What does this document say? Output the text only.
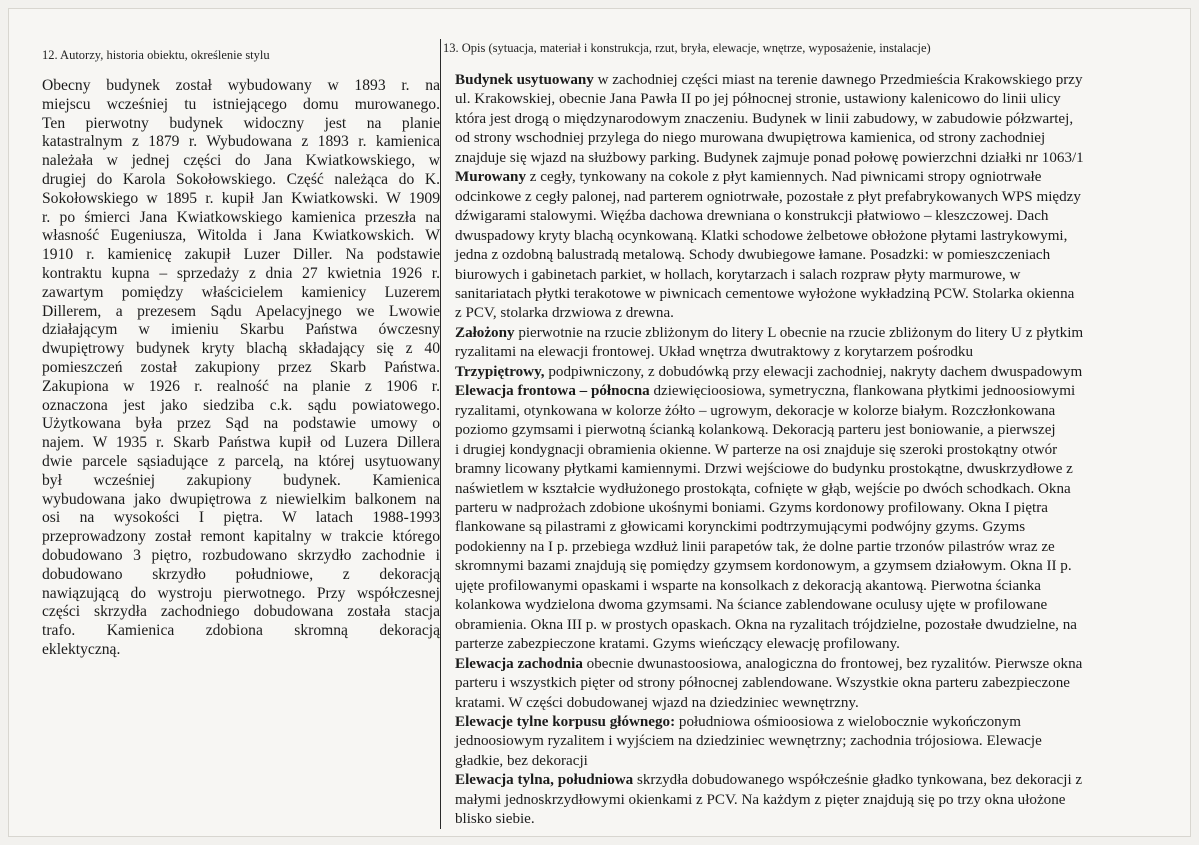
12. Autorzy, historia obiektu, określenie stylu

Obecny budynek został wybudowany w 1893 r. na
miejscu wcześniej tu istniejącego domu murowanego.
Ten pierwotny budynek widoczny jest na planie
katastralnym z 1879 r. Wybudowana z 1893 r. kamienica
należała w jednej części do Jana Kwiatkowskiego, w
drugiej do Karola Sokołowskiego. Część należąca do K.
Sokołowskiego w 1895 r. kupił Jan Kwiatkowski. W 1909
r. po śmierci Jana Kwiatkowskiego kamienica przeszła na
własność Eugeniusza, Witolda i Jana Kwiatkowskich. W
1910 r. kamienicę zakupił Luzer Diller. Na podstawie
kontraktu kupna – sprzedaży z dnia 27 kwietnia 1926 r.
zawartym pomiędzy właścicielem kamienicy Luzerem
Dillerem, a prezesem Sądu Apelacyjnego we Lwowie
działającym w imieniu Skarbu Państwa ówczesny
dwupiętrowy budynek kryty blachą składający się z 40
pomieszczeń został zakupiony przez Skarb Państwa.
Zakupiona w 1926 r. realność na planie z 1906 r.
oznaczona jest jako siedziba c.k. sądu powiatowego.
Użytkowana była przez Sąd na podstawie umowy o
najem. W 1935 r. Skarb Państwa kupił od Luzera Dillera
dwie parcele sąsiadujące z parcelą, na której usytuowany
był wcześniej zakupiony budynek. Kamienica
wybudowana jako dwupiętrowa z niewielkim balkonem na
osi na wysokości I piętra. W latach 1988-1993
przeprowadzony został remont kapitalny w trakcie którego
dobudowano 3 piętro, rozbudowano skrzydło zachodnie i
dobudowano skrzydło południowe, z dekoracją
nawiązującą do wystroju pierwotnego. Przy współczesnej
części skrzydła zachodniego dobudowana została stacja
trafo. Kamienica zdobiona skromną dekoracją
eklektyczną.

13. Opis (sytuacja, materiał i konstrukcja, rzut, bryła, elewacje, wnętrze, wyposażenie, instalacje)

Budynek usytuowany w zachodniej części miast na terenie dawnego Przedmieścia Krakowskiego przy
ul. Krakowskiej, obecnie Jana Pawła II po jej północnej stronie, ustawiony kalenicowo do linii ulicy
która jest drogą o międzynarodowym znaczeniu. Budynek w linii zabudowy, w zabudowie półzwartej,
od strony wschodniej przylega do niego murowana dwupiętrowa kamienica, od strony zachodniej
znajduje się wjazd na służbowy parking. Budynek zajmuje ponad połowę powierzchni działki nr 1063/1
Murowany z cegły, tynkowany na cokole z płyt kamiennych. Nad piwnicami stropy ogniotrwałe
odcinkowe z cegły palonej, nad parterem ogniotrwałe, pozostałe z płyt prefabrykowanych WPS między
dźwigarami stalowymi. Więźba dachowa drewniana o konstrukcji płatwiowo – kleszczowej. Dach
dwuspadowy kryty blachą ocynkowaną. Klatki schodowe żelbetowe obłożone płytami lastrykowymi,
jedna z ozdobną balustradą metalową. Schody dwubiegowe łamane. Posadzki: w pomieszczeniach
biurowych i gabinetach parkiet, w hollach, korytarzach i salach rozpraw płyty marmurowe, w
sanitariatach płytki terakotowe w piwnicach cementowe wyłożone wykładziną PCW. Stolarka okienna
z PCV, stolarka drzwiowa z drewna.
Założony pierwotnie na rzucie zbliżonym do litery L obecnie na rzucie zbliżonym do litery U z płytkim
ryzalitami na elewacji frontowej. Układ wnętrza dwutraktowy z korytarzem pośrodku
Trzypiętrowy, podpiwniczony, z dobudówką przy elewacji zachodniej, nakryty dachem dwuspadowym
Elewacja frontowa – północna dziewięcioosiowa, symetryczna, flankowana płytkimi jednoosiowymi
ryzalitami, otynkowana w kolorze żółto – ugrowym, dekoracje w kolorze białym. Rozczłonkowana
poziomo gzymsami i pierwotną ścianką kolankową. Dekoracją parteru jest boniowanie, a pierwszej
i drugiej kondygnacji obramienia okienne. W parterze na osi znajduje się szeroki prostokątny otwór
bramny licowany płytkami kamiennymi. Drzwi wejściowe do budynku prostokątne, dwuskrzydłowe z
naświetlem w kształcie wydłużonego prostokąta, cofnięte w głąb, wejście po dwóch schodkach. Okna
parteru w nadprożach zdobione ukośnymi boniami. Gzyms kordonowy profilowany. Okna I piętra
flankowane są pilastrami z głowicami korynckimi podtrzymującymi podwójny gzyms. Gzyms
podokienny na I p. przebiega wzdłuż linii parapetów tak, że dolne partie trzonów pilastrów wraz ze
skromnymi bazami znajdują się pomiędzy gzymsem kordonowym, a gzymsem działowym. Okna II p.
ujęte profilowanymi opaskami i wsparte na konsolkach z dekoracją akantową. Pierwotna ścianka
kolankowa wydzielona dwoma gzymsami. Na ściance zablendowane oculusy ujęte w profilowane
obramienia. Okna III p. w prostych opaskach. Okna na ryzalitach trójdzielne, pozostałe dwudzielne, na
parterze zabezpieczone kratami. Gzyms wieńczący elewację profilowany.
Elewacja zachodnia obecnie dwunastoosiowa, analogiczna do frontowej, bez ryzalitów. Pierwsze okna
parteru i wszystkich pięter od strony północnej zablendowane. Wszystkie okna parteru zabezpieczone
kratami. W części dobudowanej wjazd na dziedziniec wewnętrzny.
Elewacje tylne korpusu głównego: południowa ośmioosiowa z wielobocznie wykończonym
jednoosiowym ryzalitem i wyjściem na dziedziniec wewnętrzny; zachodnia trójosiowa. Elewacje
gładkie, bez dekoracji
Elewacja tylna, południowa skrzydła dobudowanego współcześnie gładko tynkowana, bez dekoracji z
małymi jednoskrzydłowymi okienkami z PCV. Na każdym z pięter znajdują się po trzy okna ułożone
blisko siebie.
